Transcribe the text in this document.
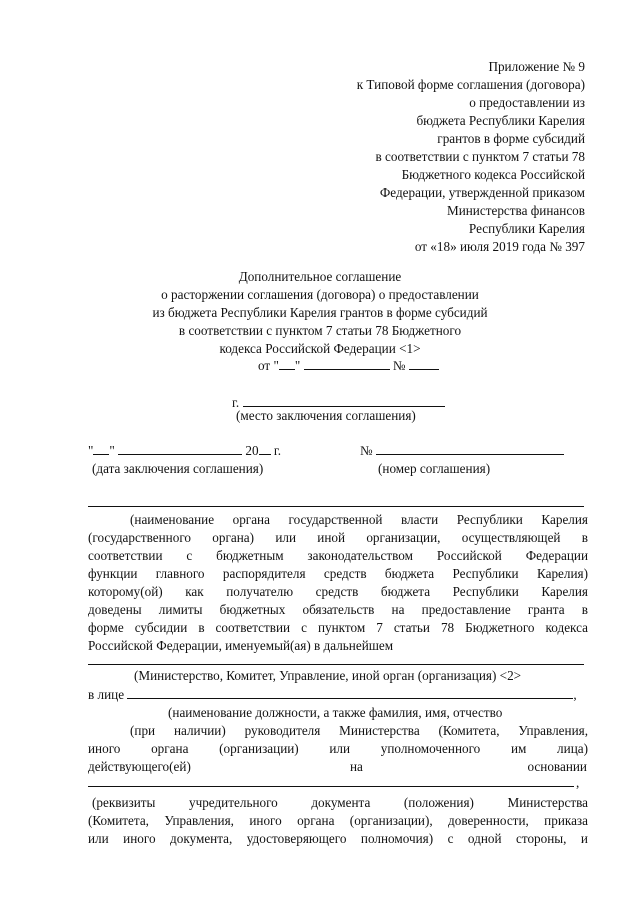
Приложение № 9
к Типовой форме соглашения (договора)
о предоставлении из
бюджета Республики Карелия
грантов в форме субсидий
в соответствии с пунктом 7 статьи 78
Бюджетного кодекса Российской
Федерации, утвержденной приказом
Министерства финансов
Республики Карелия
от «18» июля 2019 года № 397
Дополнительное соглашение
о расторжении соглашения (договора) о предоставлении
из бюджета Республики Карелия грантов в форме субсидий
в соответствии с пунктом 7 статьи 78 Бюджетного
кодекса Российской Федерации <1>
от " "	№
г.
(место заключения соглашения)
" "	20 г.	№
(дата заключения соглашения)	(номер соглашения)
(наименование органа государственной власти Республики Карелия
(государственного органа) или иной организации, осуществляющей в
соответствии с бюджетным законодательством Российской Федерации
функции главного распорядителя средств бюджета Республики Карелия)
которому(ой) как получателю средств бюджета Республики Карелия
доведены лимиты бюджетных обязательств на предоставление гранта в
форме субсидии в соответствии с пунктом 7 статьи 78 Бюджетного кодекса
Российской Федерации, именуемый(ая) в дальнейшем
(Министерство, Комитет, Управление, иной орган (организация) <2>
в лице	,
(наименование должности, а также фамилия, имя, отчество
(при наличии) руководителя Министерства (Комитета, Управления,
иного органа (организации) или уполномоченного им лица)
действующего(ей)	на	основании
,
(реквизиты учредительного документа (положения) Министерства
(Комитета, Управления, иного органа (организации), доверенности, приказа
или иного документа, удостоверяющего полномочия) с одной стороны, и
